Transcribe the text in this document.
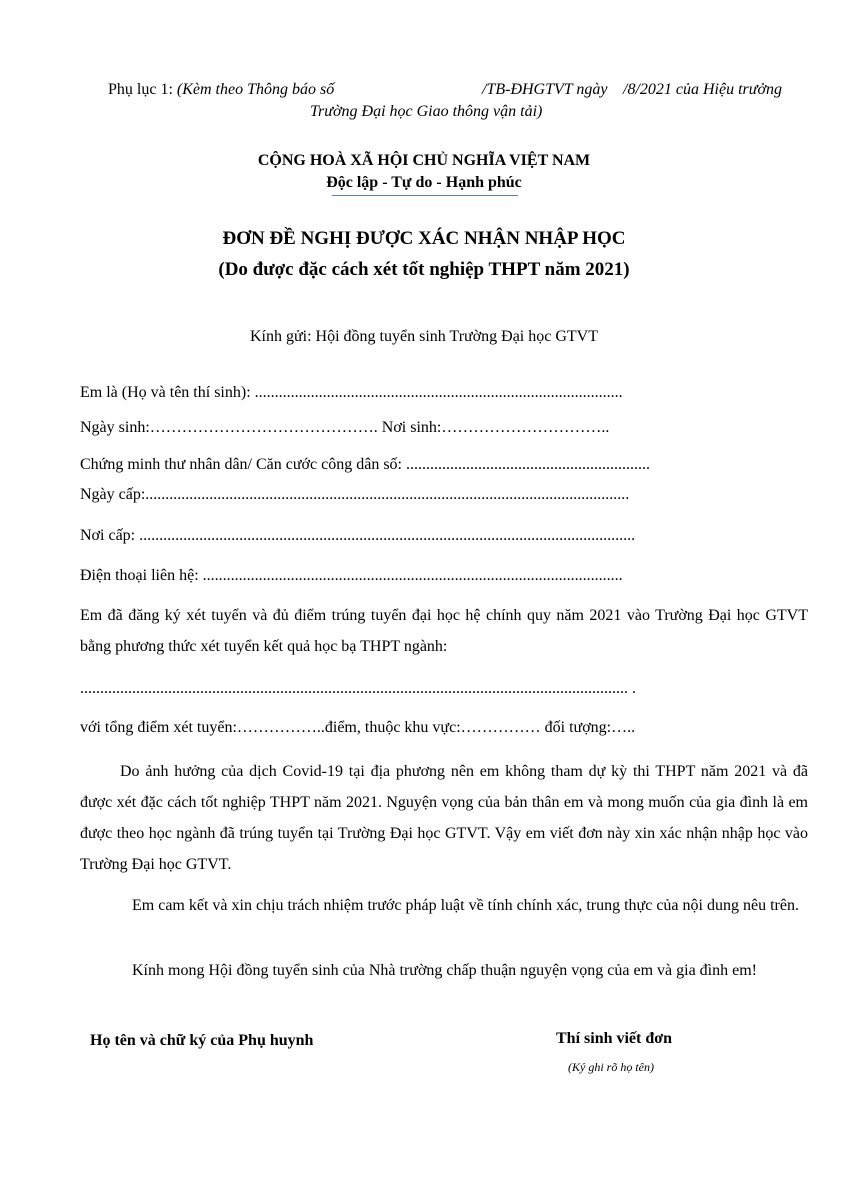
Phụ lục 1: (Kèm theo Thông báo số	/TB-ĐHGTVT ngày /8/2021 của Hiệu trưởng
Trường Đại học Giao thông vận tải)
CỘNG HOÀ XÃ HỘI CHỦ NGHĨA VIỆT NAM
Độc lập - Tự do - Hạnh phúc
ĐƠN ĐỀ NGHỊ ĐƯỢC XÁC NHẬN NHẬP HỌC
(Do được đặc cách xét tốt nghiệp THPT năm 2021)
Kính gửi: Hội đồng tuyển sinh Trường Đại học GTVT
Em là (Họ và tên thí sinh): ............................................................................................
Ngày sinh:……………………………………. Nơi sinh:…………………………..
Chứng minh thư nhân dân/ Căn cước công dân số: .............................................................
Ngày cấp:.........................................................................................................................
Nơi cấp: ............................................................................................................................
Điện thoại liên hệ: .........................................................................................................
Em đã đăng ký xét tuyển và đủ điểm trúng tuyển đại học hệ chính quy năm 2021 vào Trường Đại học GTVT bằng phương thức xét tuyển kết quả học bạ THPT ngành:
......................................................................................................................................... .
với tổng điểm xét tuyển:……………..điểm, thuộc khu vực:…………… đối tượng:…..
Do ảnh hưởng của dịch Covid-19 tại địa phương nên em không tham dự kỳ thi THPT năm 2021 và đã được xét đặc cách tốt nghiệp THPT năm 2021. Nguyện vọng của bản thân em và mong muốn của gia đình là em được theo học ngành đã trúng tuyển tại Trường Đại học GTVT. Vậy em viết đơn này xin xác nhận nhập học vào Trường Đại học GTVT.
Em cam kết và xin chịu trách nhiệm trước pháp luật về tính chính xác, trung thực của nội dung nêu trên.
Kính mong Hội đồng tuyển sinh của Nhà trường chấp thuận nguyện vọng của em và gia đình em!
Họ tên và chữ ký của Phụ huynh	Thí sinh viết đơn
(Ký ghi rõ họ tên)
